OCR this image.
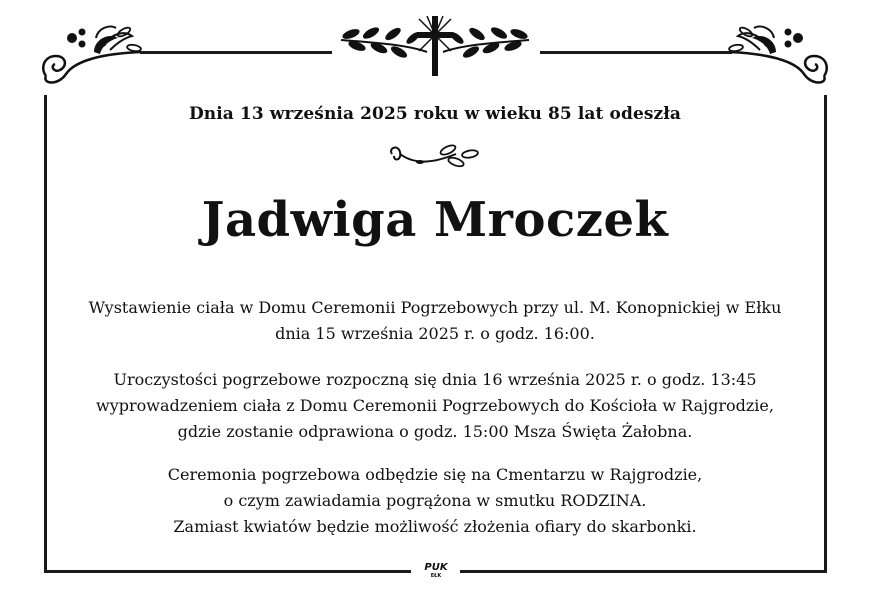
Dnia 13 września 2025 roku w wieku 85 lat odeszła
Jadwiga Mroczek
Wystawienie ciała w Domu Ceremonii Pogrzebowych przy ul. M. Konopnickiej w Ełku
dnia 15 września 2025 r. o godz. 16:00.
Uroczystości pogrzebowe rozpoczną się dnia 16 września 2025 r. o godz. 13:45
wyprowadzeniem ciała z Domu Ceremonii Pogrzebowych do Kościoła w Rajgrodzie,
gdzie zostanie odprawiona o godz. 15:00 Msza Święta Żałobna.
Ceremonia pogrzebowa odbędzie się na Cmentarzu w Rajgrodzie,
o czym zawiadamia pogrążona w smutku RODZINA.
Zamiast kwiatów będzie możliwość złożenia ofiary do skarbonki.
PUK
EŁK
